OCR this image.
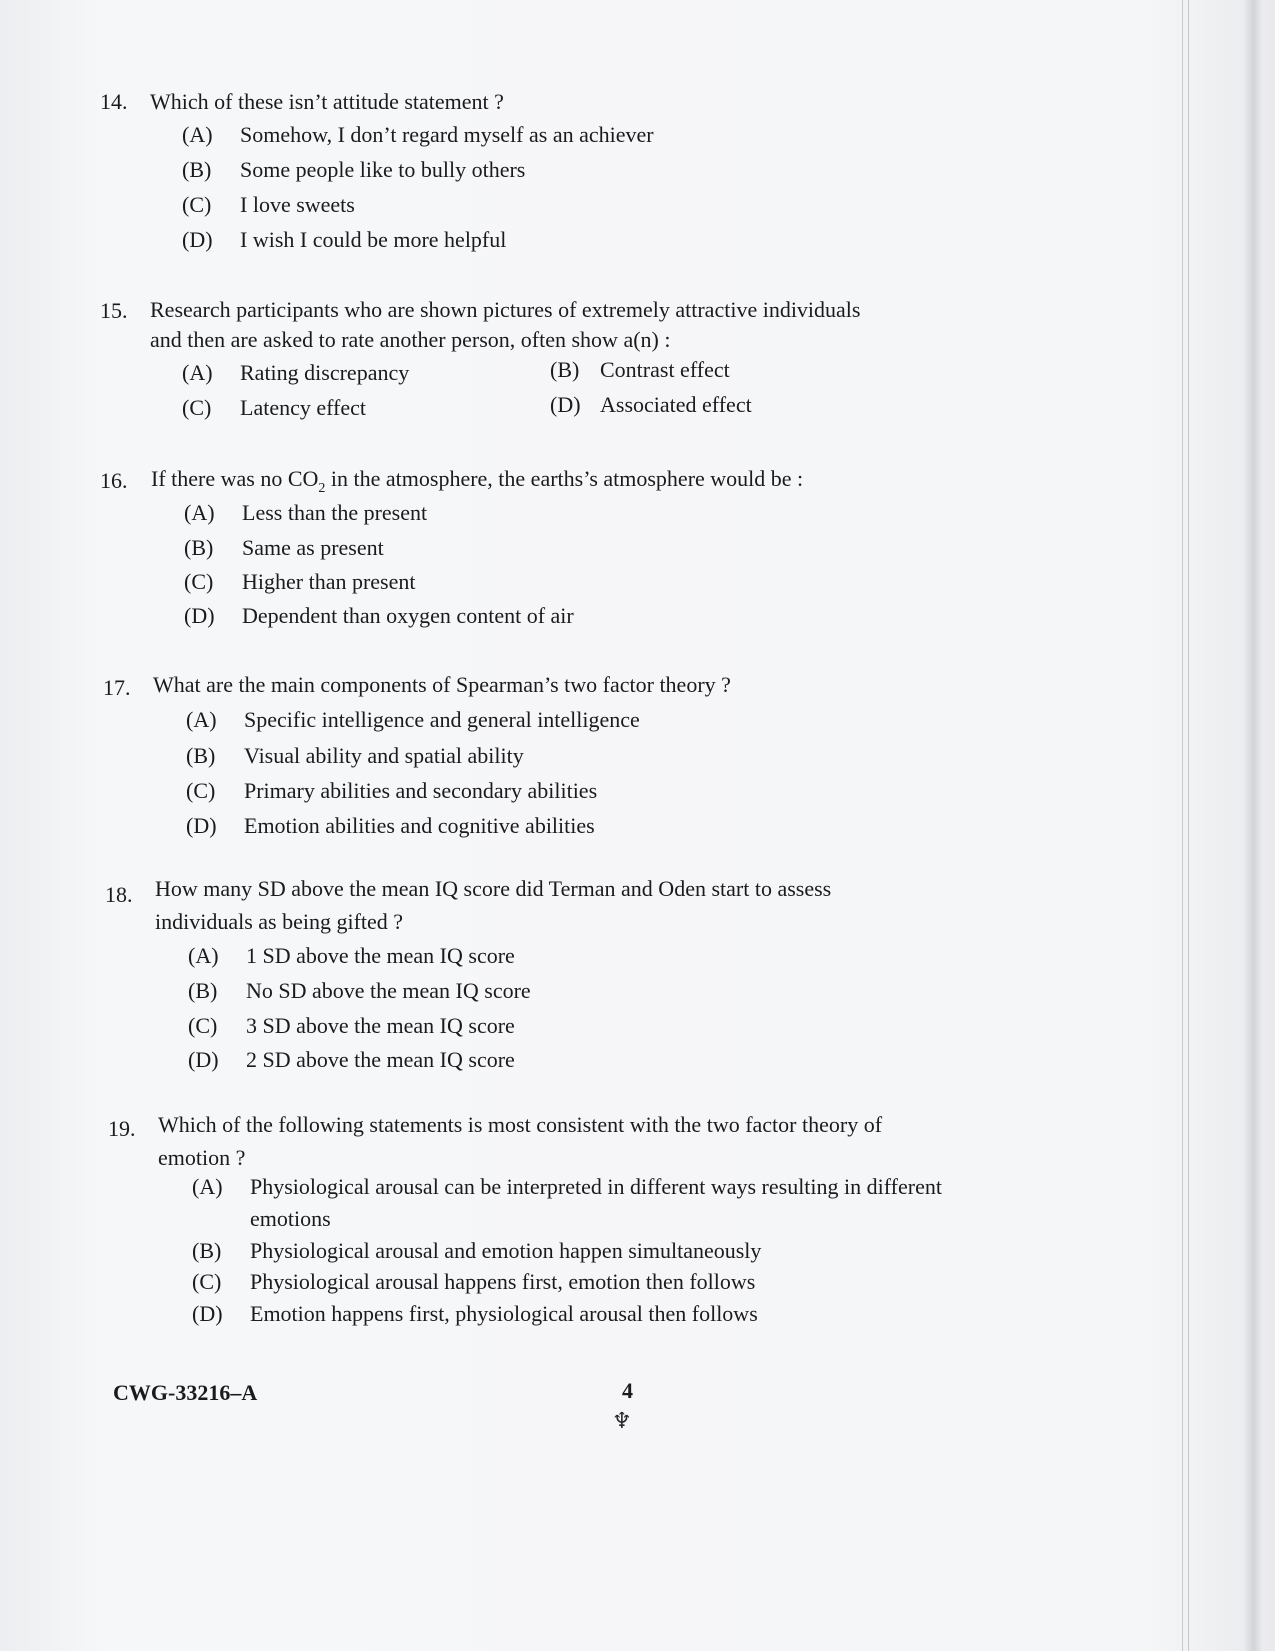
14. Which of these isn’t attitude statement ?
(A) Somehow, I don’t regard myself as an achiever
(B) Some people like to bully others
(C) I love sweets
(D) I wish I could be more helpful
15. Research participants who are shown pictures of extremely attractive individuals
and then are asked to rate another person, often show a(n) :
(A) Rating discrepancy	(B) Contrast effect
(C) Latency effect	(D) Associated effect
16. If there was no $CO_2$ in the atmosphere, the earths’s atmosphere would be :
(A) Less than the present
(B) Same as present
(C) Higher than present
(D) Dependent than oxygen content of air
17. What are the main components of Spearman’s two factor theory ?
(A) Specific intelligence and general intelligence
(B) Visual ability and spatial ability
(C) Primary abilities and secondary abilities
(D) Emotion abilities and cognitive abilities
18. How many SD above the mean IQ score did Terman and Oden start to assess
individuals as being gifted ?
(A) 1 SD above the mean IQ score
(B) No SD above the mean IQ score
(C) 3 SD above the mean IQ score
(D) 2 SD above the mean IQ score
19. Which of the following statements is most consistent with the two factor theory of
emotion ?
(A) Physiological arousal can be interpreted in different ways resulting in different
emotions
(B) Physiological arousal and emotion happen simultaneously
(C) Physiological arousal happens first, emotion then follows
(D) Emotion happens first, physiological arousal then follows
CWG-33216–A	4
♆
